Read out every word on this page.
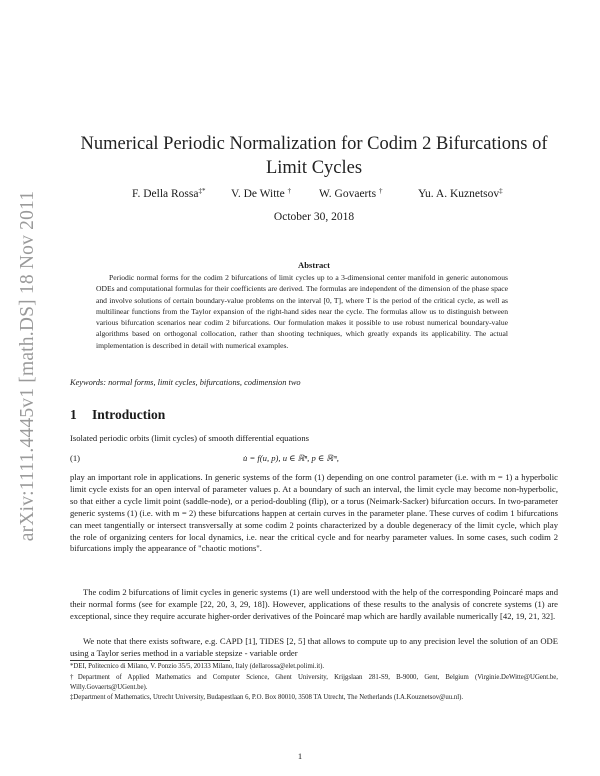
arXiv:1111.4445v1 [math.DS] 18 Nov 2011
Numerical Periodic Normalization for Codim 2 Bifurcations of Limit Cycles
F. Della Rossa‡* V. De Witte † W. Govaerts †	Yu. A. Kuznetsov‡
October 30, 2018
Abstract

Periodic normal forms for the codim 2 bifurcations of limit cycles up to a 3-dimensional center manifold in generic autonomous ODEs and computational formulas for their coefficients are derived. The formulas are independent of the dimension of the phase space and involve solutions of certain boundary-value problems on the interval [0, T], where T is the period of the critical cycle, as well as multilinear functions from the Taylor expansion of the right-hand sides near the cycle. The formulas allow us to distinguish between various bifurcation scenarios near codim 2 bifurcations. Our formulation makes it possible to use robust numerical boundary-value algorithms based on orthogonal collocation, rather than shooting techniques, which greatly expands its applicability. The actual implementation is described in detail with numerical examples.

Keywords: normal forms, limit cycles, bifurcations, codimension two
1 Introduction

Isolated periodic orbits (limit cycles) of smooth differential equations

(1)	u̇ = f(u, p), u ∈ ℝⁿ, p ∈ ℝᵐ,

play an important role in applications. In generic systems of the form (1) depending on one control parameter (i.e. with m = 1) a hyperbolic limit cycle exists for an open interval of parameter values p. At a boundary of such an interval, the limit cycle may become non-hyperbolic, so that either a cycle limit point (saddle-node), or a period-doubling (flip), or a torus (Neimark-Sacker) bifurcation occurs. In two-parameter generic systems (1) (i.e. with m = 2) these bifurcations happen at certain curves in the parameter plane. These curves of codim 1 bifurcations can meet tangentially or intersect transversally at some codim 2 points characterized by a double degeneracy of the limit cycle, which play the role of organizing centers for local dynamics, i.e. near the critical cycle and for nearby parameter values. In some cases, such codim 2 bifurcations imply the appearance of "chaotic motions".

The codim 2 bifurcations of limit cycles in generic systems (1) are well understood with the help of the corresponding Poincaré maps and their normal forms (see for example [22, 20, 3, 29, 18]). However, applications of these results to the analysis of concrete systems (1) are exceptional, since they require accurate higher-order derivatives of the Poincaré map which are hardly available numerically [42, 19, 21, 32].

We note that there exists software, e.g. CAPD [1], TIDES [2, 5] that allows to compute up to any precision level the solution of an ODE using a Taylor series method in a variable stepsize - variable order

*DEI, Politecnico di Milano, V. Ponzio 35/5, 20133 Milano, Italy (dellarossa@elet.polimi.it).

†Department of Applied Mathematics and Computer Science, Ghent University, Krijgslaan 281-S9, B-9000, Gent, Belgium (Virginie.DeWitte@UGent.be, Willy.Govaerts@UGent.be).

‡Department of Mathematics, Utrecht University, Budapestlaan 6, P.O. Box 80010, 3508 TA Utrecht, The Netherlands (I.A.Kouznetsov@uu.nl).

1
